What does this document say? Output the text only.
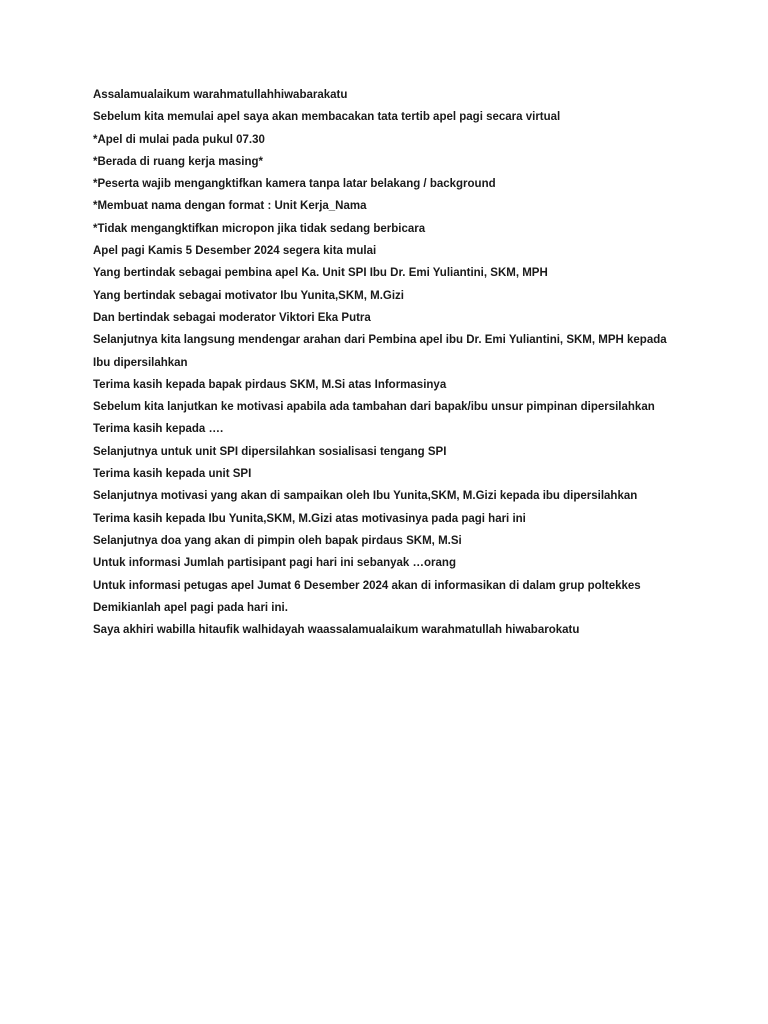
Assalamualaikum warahmatullahhiwabarakatu
Sebelum kita memulai apel saya akan membacakan tata tertib apel pagi secara virtual
*Apel di mulai pada pukul 07.30
*Berada di ruang kerja masing*
*Peserta wajib mengangktifkan kamera tanpa latar belakang / background
*Membuat nama dengan format : Unit Kerja_Nama
*Tidak mengangktifkan micropon jika tidak sedang berbicara
Apel pagi Kamis 5 Desember 2024 segera kita mulai
Yang bertindak sebagai pembina apel Ka. Unit SPI Ibu Dr. Emi Yuliantini, SKM, MPH
Yang bertindak sebagai motivator Ibu Yunita,SKM, M.Gizi
Dan bertindak sebagai moderator Viktori Eka Putra
Selanjutnya kita langsung mendengar arahan dari Pembina apel ibu Dr. Emi Yuliantini, SKM, MPH kepada
Ibu dipersilahkan
Terima kasih kepada bapak pirdaus SKM, M.Si atas Informasinya
Sebelum kita lanjutkan ke motivasi apabila ada tambahan dari bapak/ibu unsur pimpinan dipersilahkan
Terima kasih kepada ….
Selanjutnya untuk unit SPI dipersilahkan sosialisasi tengang SPI
Terima kasih kepada unit SPI
Selanjutnya motivasi yang akan di sampaikan oleh Ibu Yunita,SKM, M.Gizi kepada ibu dipersilahkan
Terima kasih kepada Ibu Yunita,SKM, M.Gizi atas motivasinya pada pagi hari ini
Selanjutnya doa yang akan di pimpin oleh bapak pirdaus SKM, M.Si
Untuk informasi Jumlah partisipant pagi hari ini sebanyak …orang
Untuk informasi petugas apel Jumat 6 Desember 2024 akan di informasikan di dalam grup poltekkes
Demikianlah apel pagi pada hari ini.
Saya akhiri wabilla hitaufik walhidayah waassalamualaikum warahmatullah hiwabarokatu
